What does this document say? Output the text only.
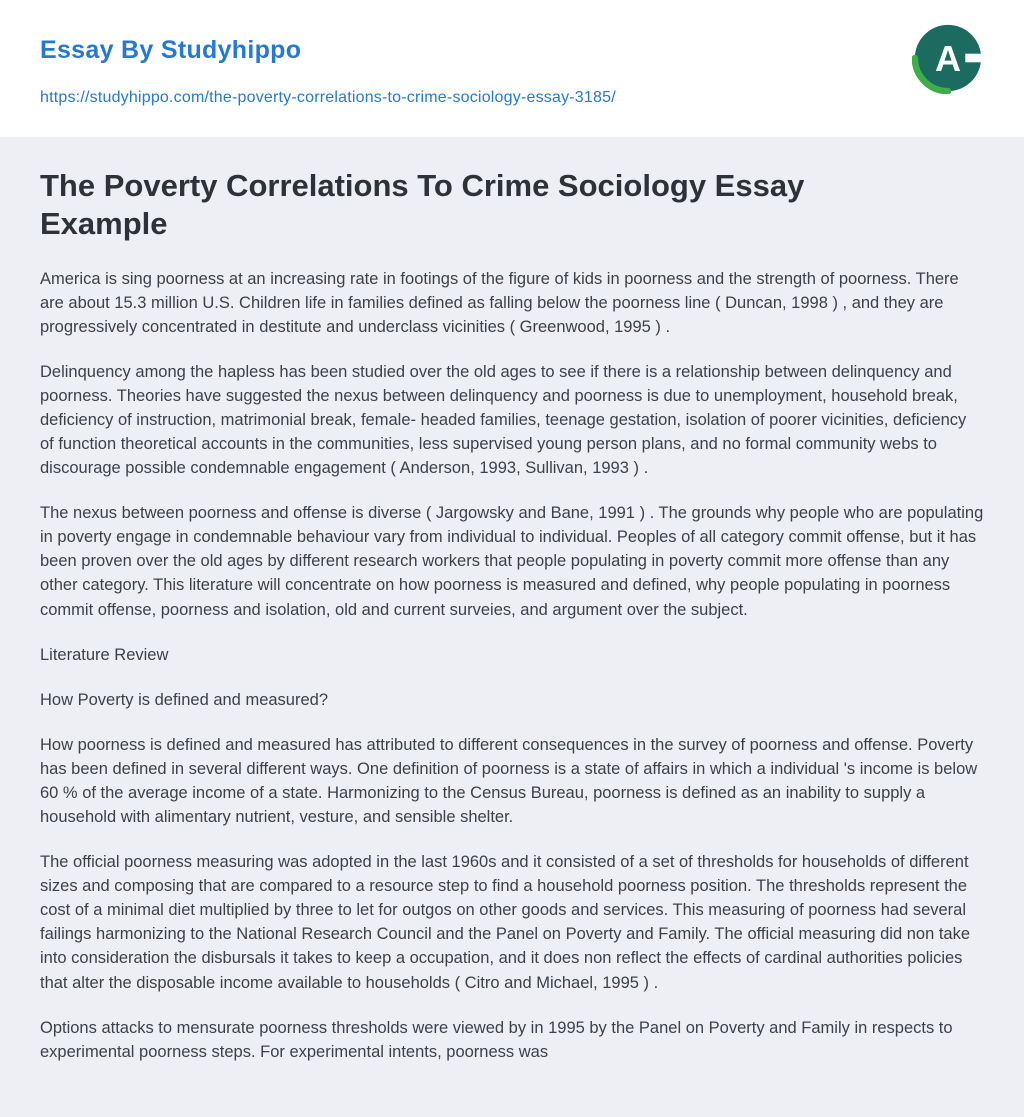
Essay By Studyhippo
https://studyhippo.com/the-poverty-correlations-to-crime-sociology-essay-3185/
A
The Poverty Correlations To Crime Sociology Essay Example

America is sing poorness at an increasing rate in footings of the figure of kids in poorness and the strength of poorness. There are about 15.3 million U.S. Children life in families defined as falling below the poorness line ( Duncan, 1998 ) , and they are progressively concentrated in destitute and underclass vicinities ( Greenwood, 1995 ) .

Delinquency among the hapless has been studied over the old ages to see if there is a relationship between delinquency and poorness. Theories have suggested the nexus between delinquency and poorness is due to unemployment, household break, deficiency of instruction, matrimonial break, female- headed families, teenage gestation, isolation of poorer vicinities, deficiency of function theoretical accounts in the communities, less supervised young person plans, and no formal community webs to discourage possible condemnable engagement ( Anderson, 1993, Sullivan, 1993 ) .

The nexus between poorness and offense is diverse ( Jargowsky and Bane, 1991 ) . The grounds why people who are populating in poverty engage in condemnable behaviour vary from individual to individual. Peoples of all category commit offense, but it has been proven over the old ages by different research workers that people populating in poverty commit more offense than any other category. This literature will concentrate on how poorness is measured and defined, why people populating in poorness commit offense, poorness and isolation, old and current surveies, and argument over the subject.

Literature Review

How Poverty is defined and measured?

How poorness is defined and measured has attributed to different consequences in the survey of poorness and offense. Poverty has been defined in several different ways. One definition of poorness is a state of affairs in which a individual 's income is below 60 % of the average income of a state. Harmonizing to the Census Bureau, poorness is defined as an inability to supply a household with alimentary nutrient, vesture, and sensible shelter.

The official poorness measuring was adopted in the last 1960s and it consisted of a set of thresholds for households of different sizes and composing that are compared to a resource step to find a household poorness position. The thresholds represent the cost of a minimal diet multiplied by three to let for outgos on other goods and services. This measuring of poorness had several failings harmonizing to the National Research Council and the Panel on Poverty and Family. The official measuring did non take into consideration the disbursals it takes to keep a occupation, and it does non reflect the effects of cardinal authorities policies that alter the disposable income available to households ( Citro and Michael, 1995 ) .

Options attacks to mensurate poorness thresholds were viewed by in 1995 by the Panel on Poverty and Family in respects to experimental poorness steps. For experimental intents, poorness was
